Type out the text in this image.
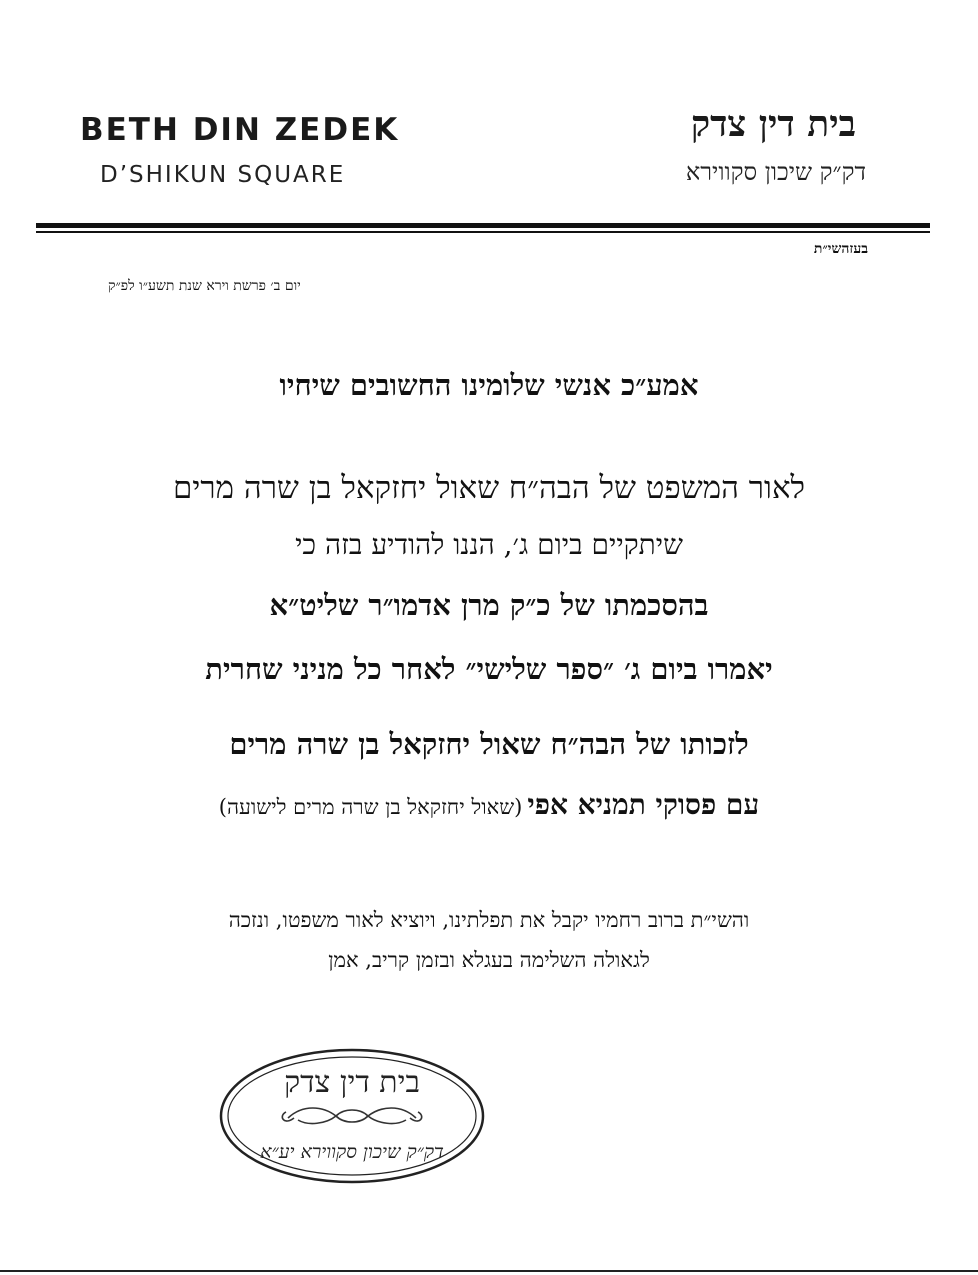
BETH DIN ZEDEK
D’SHIKUN SQUARE
בית דין צדק
דק״ק שיכון סקווירא
בעזהשי״ת
יום ב׳ פרשת וירא שנת תשע״ו לפ״ק
אמע״כ אנשי שלומינו החשובים שיחיו
לאור המשפט של הבה״ח שאול יחזקאל בן שרה מרים
שיתקיים ביום ג׳, הננו להודיע בזה כי
בהסכמתו של כ״ק מרן אדמו״ר שליט״א
יאמרו ביום ג׳ ״ספר שלישי״ לאחר כל מניני שחרית
לזכותו של הבה״ח שאול יחזקאל בן שרה מרים
עם פסוקי תמניא אפי (שאול יחזקאל בן שרה מרים לישועה)
והשי״ת ברוב רחמיו יקבל את תפלתינו, ויוציא לאור משפטו, ונזכה
לגאולה השלימה בעגלא ובזמן קריב, אמן
בית דין צדק
דק״ק שיכון סקווירא יע״א
